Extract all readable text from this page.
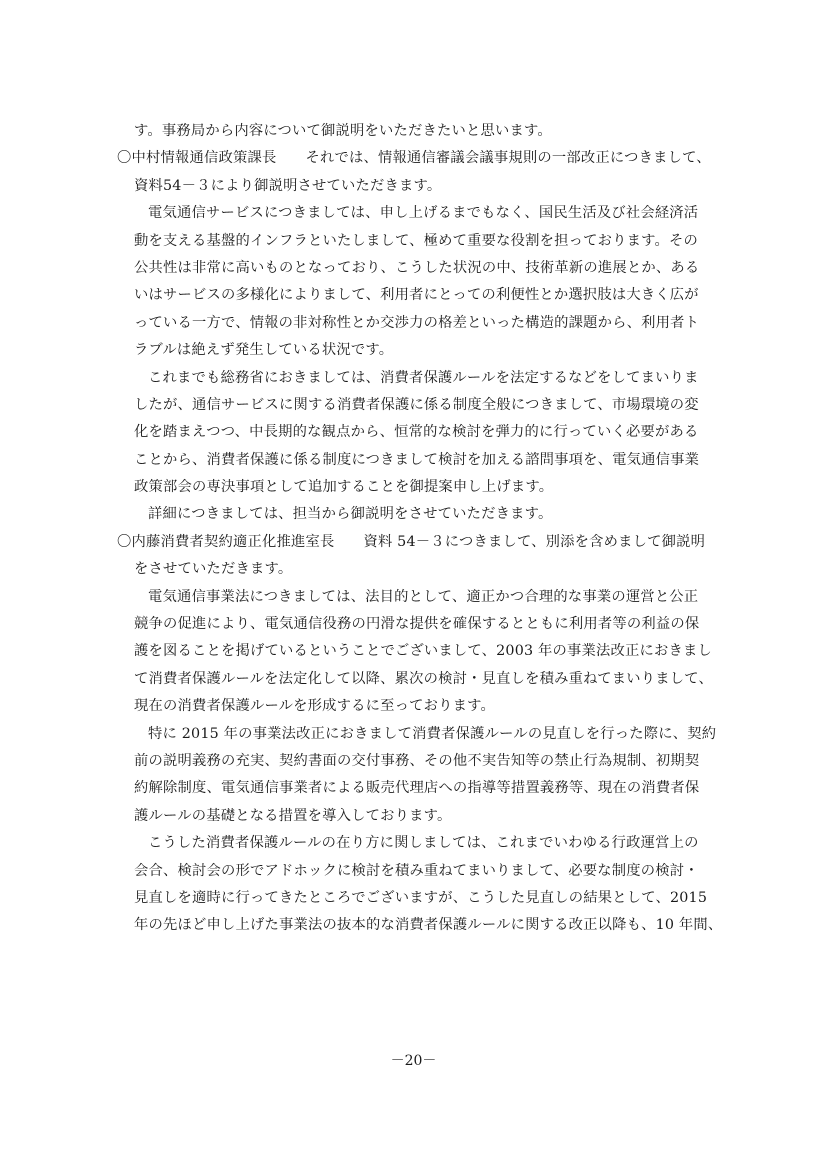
す。事務局から内容について御説明をいただきたいと思います。
〇中村情報通信政策課長　　それでは、情報通信審議会議事規則の一部改正につきまして、
資料54－３により御説明させていただきます。
電気通信サービスにつきましては、申し上げるまでもなく、国民生活及び社会経済活
動を支える基盤的インフラといたしまして、極めて重要な役割を担っております。その
公共性は非常に高いものとなっており、こうした状況の中、技術革新の進展とか、ある
いはサービスの多様化によりまして、利用者にとっての利便性とか選択肢は大きく広が
っている一方で、情報の非対称性とか交渉力の格差といった構造的課題から、利用者ト
ラブルは絶えず発生している状況です。
これまでも総務省におきましては、消費者保護ルールを法定するなどをしてまいりま
したが、通信サービスに関する消費者保護に係る制度全般につきまして、市場環境の変
化を踏まえつつ、中長期的な観点から、恒常的な検討を弾力的に行っていく必要がある
ことから、消費者保護に係る制度につきまして検討を加える諮問事項を、電気通信事業
政策部会の専決事項として追加することを御提案申し上げます。
詳細につきましては、担当から御説明をさせていただきます。
〇内藤消費者契約適正化推進室長　　資料 54－３につきまして、別添を含めまして御説明
をさせていただきます。
電気通信事業法につきましては、法目的として、適正かつ合理的な事業の運営と公正
競争の促進により、電気通信役務の円滑な提供を確保するとともに利用者等の利益の保
護を図ることを掲げているということでございまして、2003 年の事業法改正におきまし
て消費者保護ルールを法定化して以降、累次の検討・見直しを積み重ねてまいりまして、
現在の消費者保護ルールを形成するに至っております。
特に 2015 年の事業法改正におきまして消費者保護ルールの見直しを行った際に、契約
前の説明義務の充実、契約書面の交付事務、その他不実告知等の禁止行為規制、初期契
約解除制度、電気通信事業者による販売代理店への指導等措置義務等、現在の消費者保
護ルールの基礎となる措置を導入しております。
こうした消費者保護ルールの在り方に関しましては、これまでいわゆる行政運営上の
会合、検討会の形でアドホックに検討を積み重ねてまいりまして、必要な制度の検討・
見直しを適時に行ってきたところでございますが、こうした見直しの結果として、2015
年の先ほど申し上げた事業法の抜本的な消費者保護ルールに関する改正以降も、10 年間、
－20－
